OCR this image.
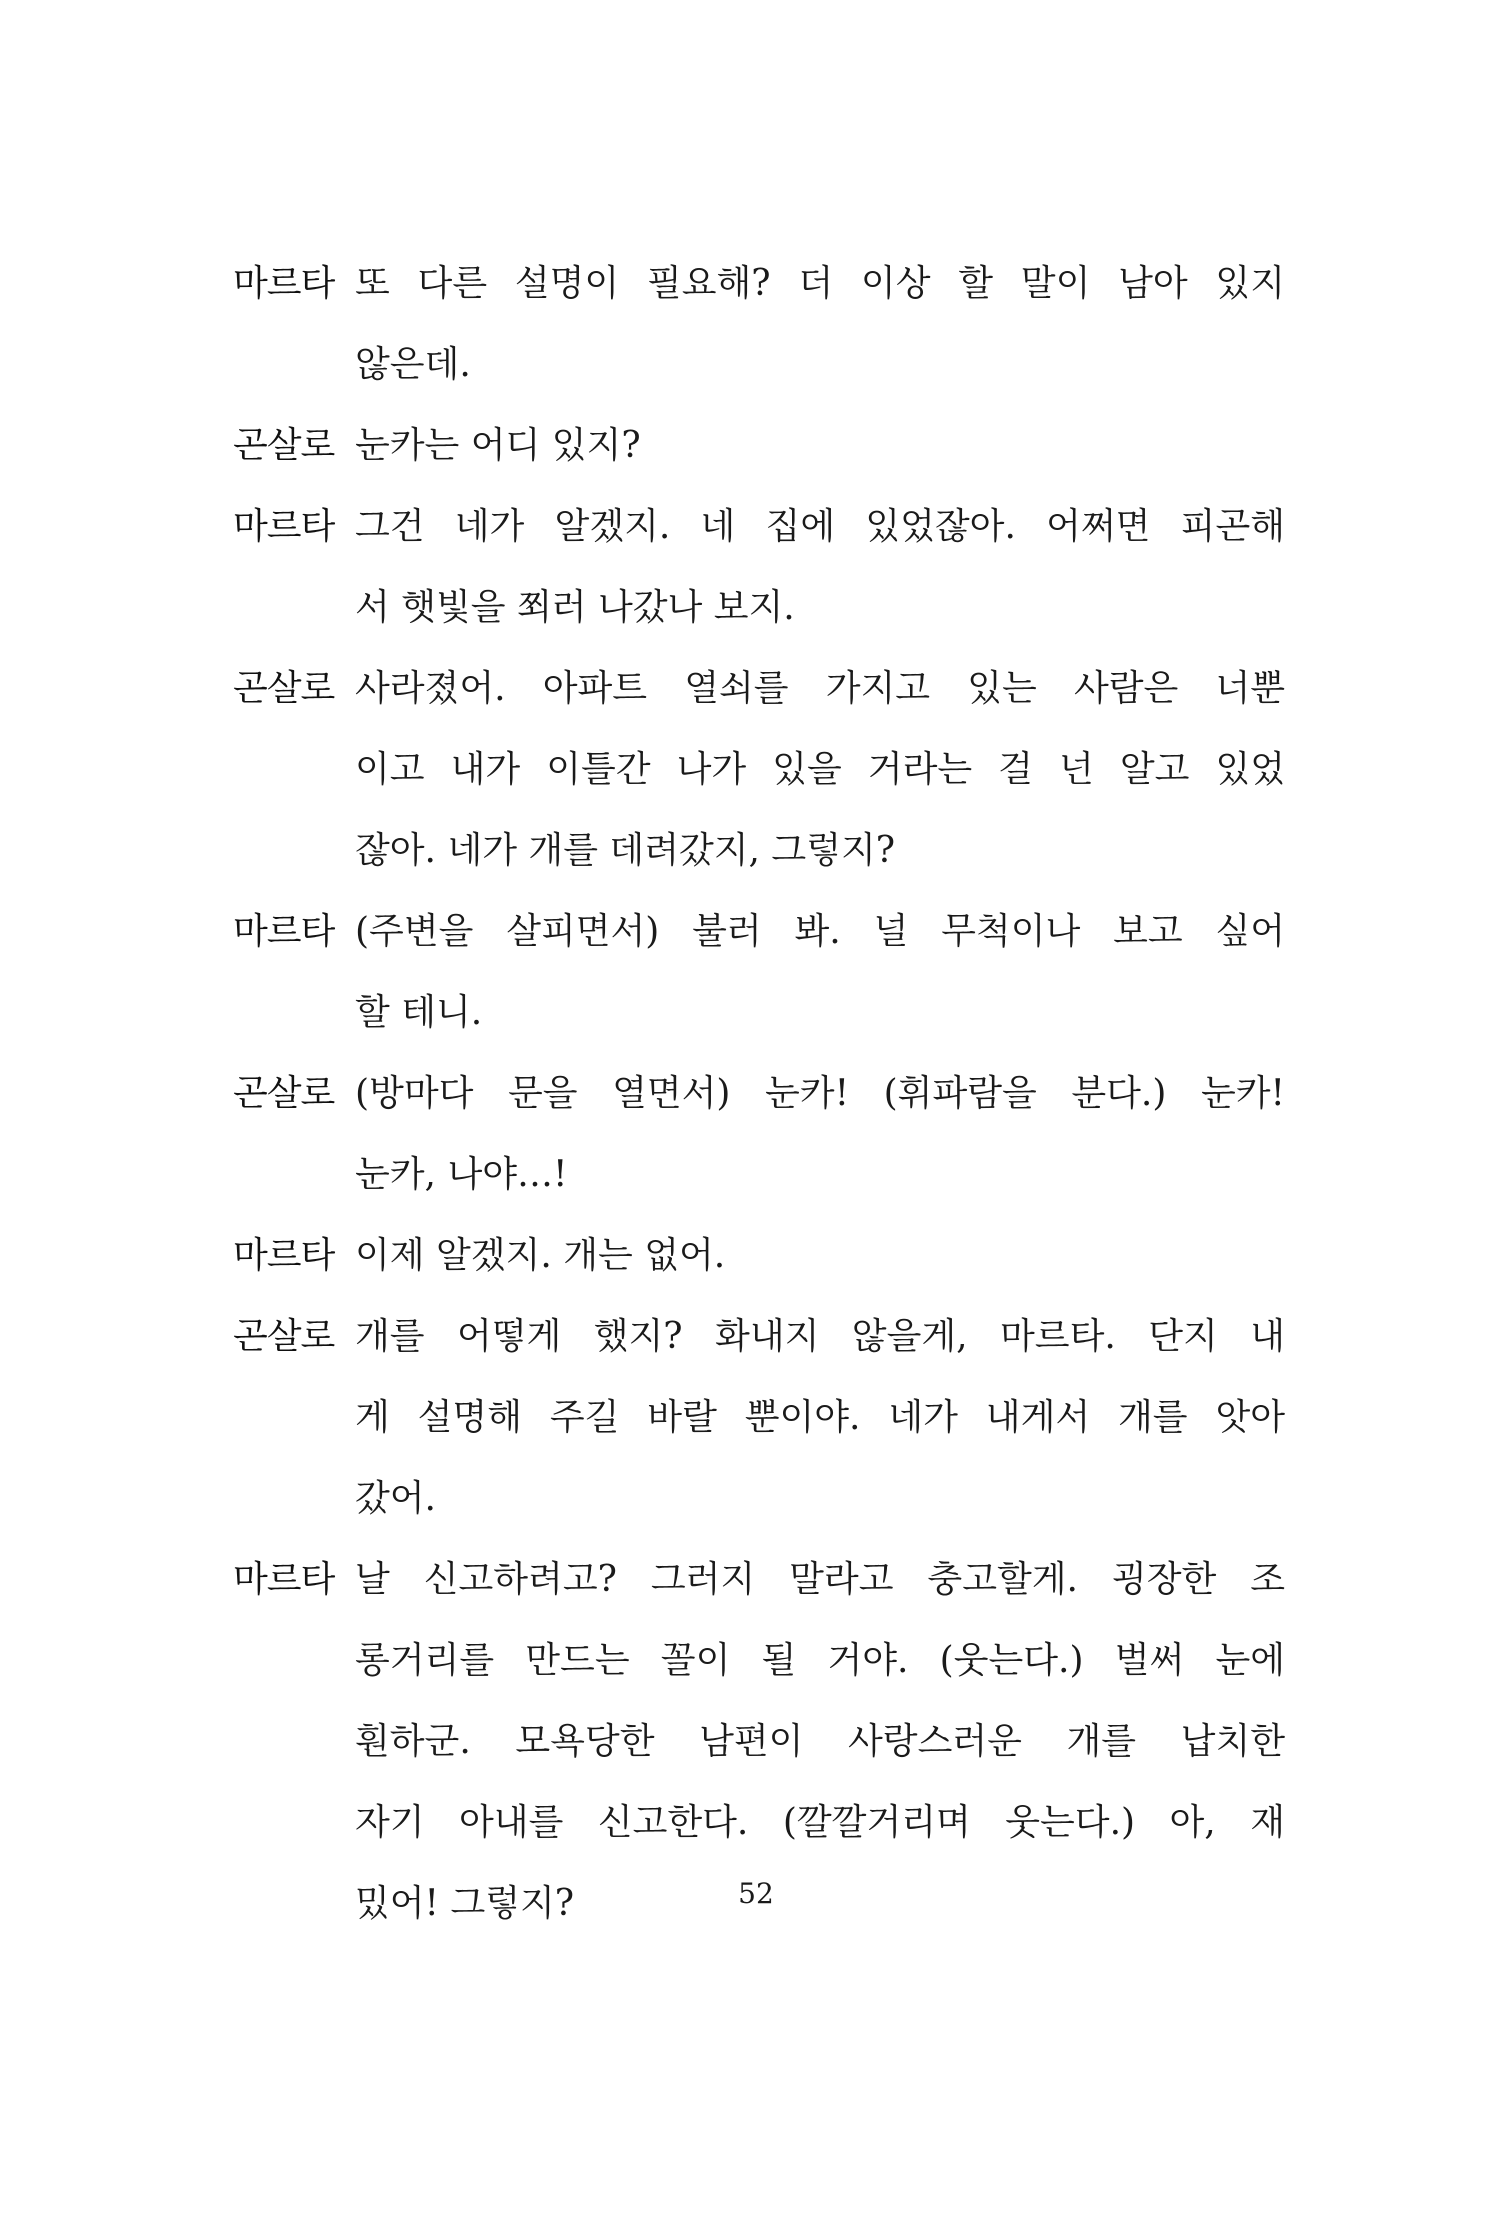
마르타 또 다른 설명이 필요해? 더 이상 할 말이 남아 있지
않은데.
곤살로 눈카는 어디 있지?
마르타 그건 네가 알겠지. 네 집에 있었잖아. 어쩌면 피곤해
서 햇빛을 쬐러 나갔나 보지.
곤살로 사라졌어. 아파트 열쇠를 가지고 있는 사람은 너뿐
이고 내가 이틀간 나가 있을 거라는 걸 넌 알고 있었
잖아. 네가 개를 데려갔지, 그렇지?
마르타 (주변을 살피면서) 불러 봐. 널 무척이나 보고 싶어
할 테니.
곤살로 (방마다 문을 열면서) 눈카! (휘파람을 분다.) 눈카!
눈카, 나야…!
마르타 이제 알겠지. 개는 없어.
곤살로 개를 어떻게 했지? 화내지 않을게, 마르타. 단지 내
게 설명해 주길 바랄 뿐이야. 네가 내게서 개를 앗아
갔어.
마르타 날 신고하려고? 그러지 말라고 충고할게. 굉장한 조
롱거리를 만드는 꼴이 될 거야. (웃는다.) 벌써 눈에
훤하군. 모욕당한 남편이 사랑스러운 개를 납치한
자기 아내를 신고한다. (깔깔거리며 웃는다.) 아, 재
밌어! 그렇지?	52
